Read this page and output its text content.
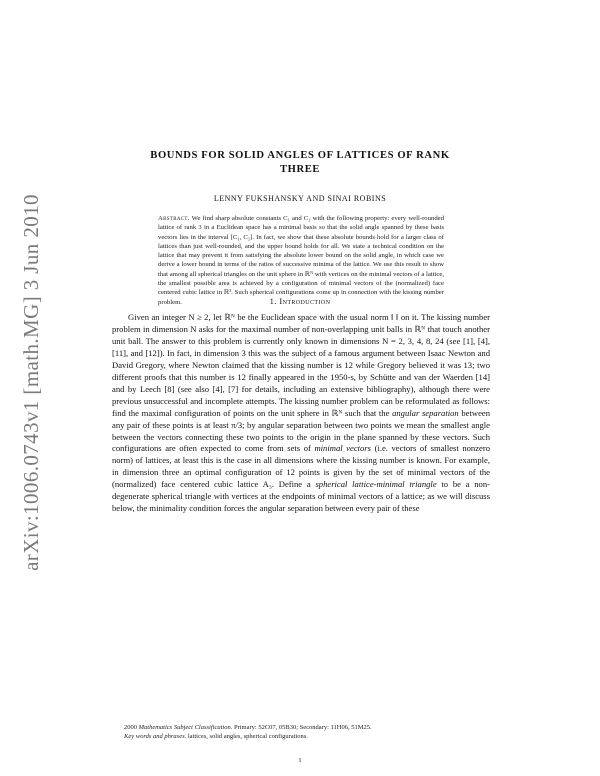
arXiv:1006.0743v1 [math.MG] 3 Jun 2010
BOUNDS FOR SOLID ANGLES OF LATTICES OF RANK
THREE
LENNY FUKSHANSKY AND SINAI ROBINS
Abstract. We find sharp absolute constants C₁ and C₂ with the following property: every well-rounded lattice of rank 3 in a Euclidean space has a minimal basis so that the solid angle spanned by these basis vectors lies in the interval [C₁, C₂]. In fact, we show that these absolute bounds hold for a larger class of lattices than just well-rounded, and the upper bound holds for all. We state a technical condition on the lattice that may prevent it from satisfying the absolute lower bound on the solid angle, in which case we derive a lower bound in terms of the ratios of successive minima of the lattice. We use this result to show that among all spherical triangles on the unit sphere in ℝᴺ with vertices on the minimal vectors of a lattice, the smallest possible area is achieved by a configuration of minimal vectors of the (normalized) face centered cubic lattice in ℝ³. Such spherical configurations come up in connection with the kissing number problem.	1. Introduction
Given an integer N ≥ 2, let ℝᴺ be the Euclidean space with the usual norm ‖ ‖ on it. The kissing number problem in dimension N asks for the maximal number of non-overlapping unit balls in ℝᴺ that touch another unit ball. The answer to this problem is currently only known in dimensions N = 2, 3, 4, 8, 24 (see [1], [4], [11], and [12]). In fact, in dimension 3 this was the subject of a famous argument between Isaac Newton and David Gregory, where Newton claimed that the kissing number is 12 while Gregory believed it was 13; two different proofs that this number is 12 finally appeared in the 1950-s, by Schütte and van der Waerden [14] and by Leech [8] (see also [4], [7] for details, including an extensive bibliography), although there were previous unsuccessful and incomplete attempts. The kissing number problem can be reformulated as follows: find the maximal configuration of points on the unit sphere in ℝᴺ such that the angular separation between any pair of these points is at least π/3; by angular separation between two points we mean the smallest angle between the vectors connecting these two points to the origin in the plane spanned by these vectors. Such configurations are often expected to come from sets of minimal vectors (i.e. vectors of smallest nonzero norm) of lattices, at least this is the case in all dimensions where the kissing number is known. For example, in dimension three an optimal configuration of 12 points is given by the set of minimal vectors of the (normalized) face centered cubic lattice A₃. Define a spherical lattice-minimal triangle to be a non-degenerate spherical triangle with vertices at the endpoints of minimal vectors of a lattice; as we will discuss below, the minimality condition forces the angular separation between every pair of these

2000 Mathematics Subject Classification. Primary: 52C07, 05B30; Secondary: 11H06, 51M25.

Key words and phrases. lattices, solid angles, spherical configurations.

1
